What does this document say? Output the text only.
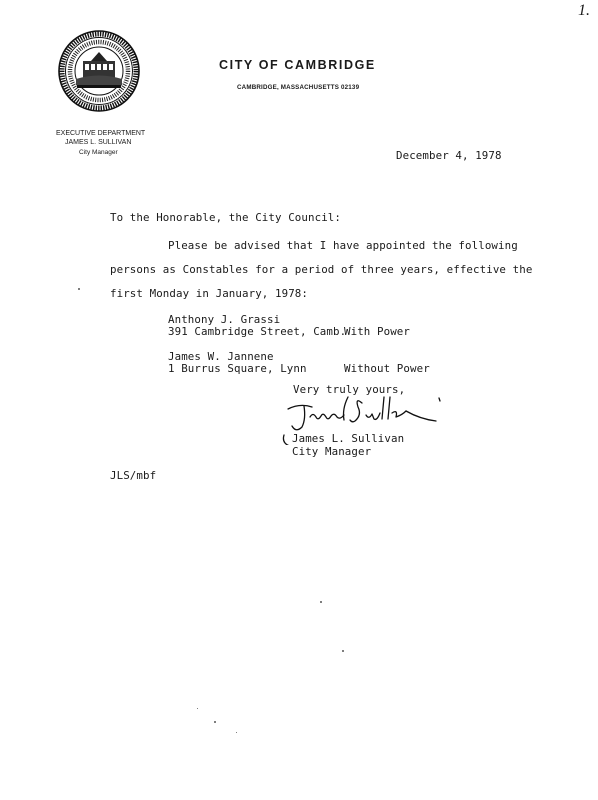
1.
CITY OF CAMBRIDGE
CAMBRIDGE, MASSACHUSETTS 02139
EXECUTIVE DEPARTMENT
JAMES L. SULLIVAN
City Manager	December 4, 1978
To the Honorable, the City Council:
Please be advised that I have appointed the following
persons as Constables for a period of three years, effective the
first Monday in January, 1978:
Anthony J. Grassi
391 Cambridge Street, Camb.
With Power
James W. Jannene
1 Burrus Square, Lynn	Without Power
Very truly yours,
James L. Sullivan
City Manager
JLS/mbf
